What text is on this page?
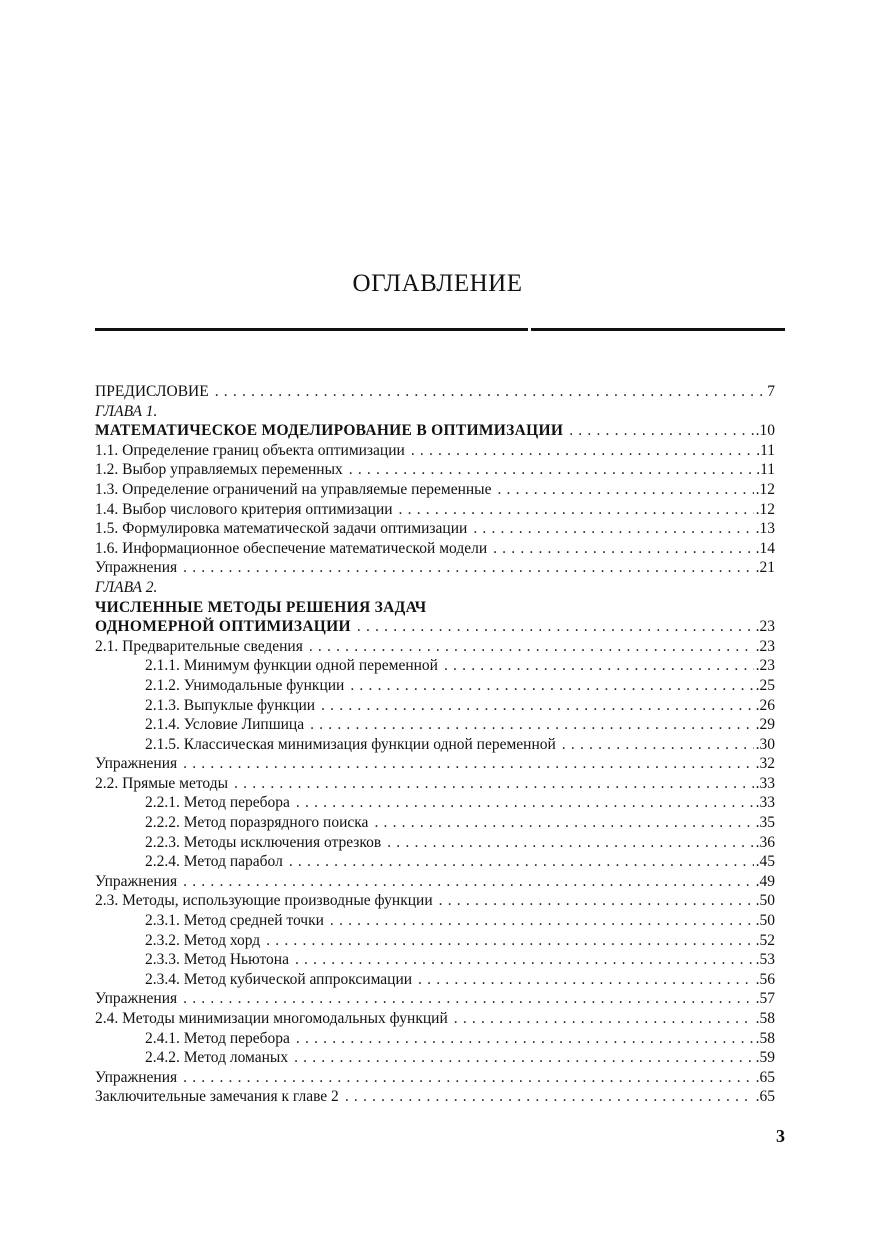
ОГЛАВЛЕНИЕ
ПРЕДИСЛОВИЕ .....	7
ГЛАВА 1.
МАТЕМАТИЧЕСКОЕ МОДЕЛИРОВАНИЕ В ОПТИМИЗАЦИИ .....	.10
1.1. Определение границ объекта оптимизации .....	.11
1.2. Выбор управляемых переменных .....	.11
1.3. Определение ограничений на управляемые переменные .....	.12
1.4. Выбор числового критерия оптимизации .....	.12
1.5. Формулировка математической задачи оптимизации .....	.13
1.6. Информационное обеспечение математической модели .....	.14
Упражнения .....	.21
ГЛАВА 2.
ЧИСЛЕННЫЕ МЕТОДЫ РЕШЕНИЯ ЗАДАЧ
ОДНОМЕРНОЙ ОПТИМИЗАЦИИ .....	.23
2.1. Предварительные сведения .....	.23
2.1.1. Минимум функции одной переменной .....	.23
2.1.2. Унимодальные функции .....	.25
2.1.3. Выпуклые функции .....	.26
2.1.4. Условие Липшица .....	.29
2.1.5. Классическая минимизация функции одной переменной .....	.30
Упражнения .....	.32
2.2. Прямые методы .....	.33
2.2.1. Метод перебора .....	.33
2.2.2. Метод поразрядного поиска .....	.35
2.2.3. Методы исключения отрезков .....	.36
2.2.4. Метод парабол .....	.45
Упражнения .....	.49
2.3. Методы, использующие производные функции .....	.50
2.3.1. Метод средней точки .....	.50
2.3.2. Метод хорд .....	.52
2.3.3. Метод Ньютона .....	.53
2.3.4. Метод кубической аппроксимации .....	.56
Упражнения .....	.57
2.4. Методы минимизации многомодальных функций .....	.58
2.4.1. Метод перебора .....	.58
2.4.2. Метод ломаных .....	.59
Упражнения .....	.65
Заключительные замечания к главе 2 .....	.65
3
